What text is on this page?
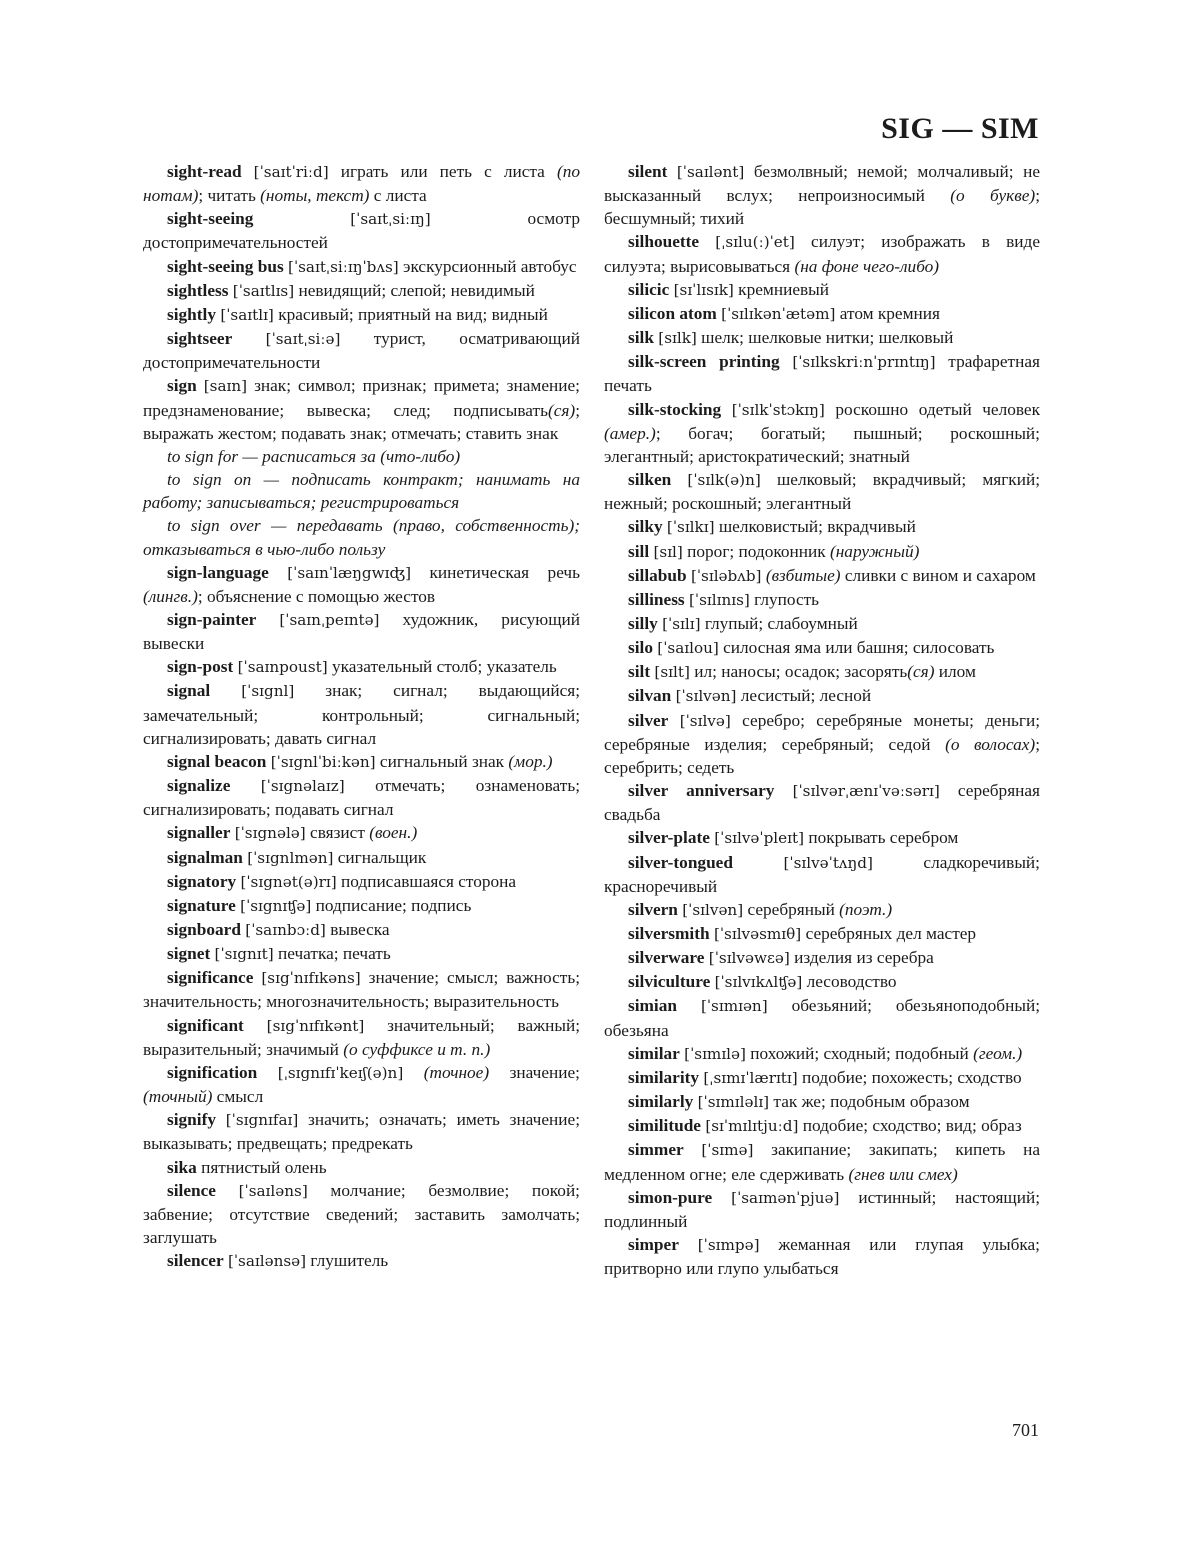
SIG — SIM

sight-read [ˈsaɪtˈriːd] играть или петь с листа (по нотам); читать (ноты, текст) с листа

sight-seeing	[ˈsaɪtˌsiːɪŋ] осмотр достопримечательностей

sight-seeing bus [ˈsaɪtˌsiːɪŋˈbʌs] экскурсионный автобус

sightless [ˈsaɪtlɪs] невидящий; слепой; невидимый

sightly [ˈsaɪtlɪ] красивый; приятный на вид; видный

sightseer [ˈsaɪtˌsiːə] турист, осматривающий достопримечательности

sign [saɪn] знак; символ; признак; примета; знамение; предзнаменование; вывеска; след; подписывать(ся); выражать жестом; подавать знак; отмечать; ставить знак

to sign for — расписаться за (что-либо)

to sign on — подписать контракт; нанимать на работу; записываться; регистрироваться

to sign over — передавать (право, собственность); отказываться в чью-либо пользу

sign-language [ˈsaɪnˈlæŋgwɪʤ] кинетическая речь (лингв.); объяснение с помощью жестов

sign-painter [ˈsaɪnˌpeɪntə] художник, рисующий вывески

sign-post [ˈsaɪnpoust] указательный столб; указатель

signal [ˈsɪgnl] знак; сигнал; выдающийся; замечательный; контрольный; сигнальный; сигнализировать; давать сигнал

signal beacon [ˈsɪgnlˈbiːkən] сигнальный знак (мор.)

signalize [ˈsɪgnəlaɪz] отмечать; ознаменовать; сигнализировать; подавать сигнал

signaller [ˈsɪgnələ] связист (воен.)

signalman [ˈsɪgnlmən] сигнальщик

signatory [ˈsɪgnət(ə)rɪ] подписавшаяся сторона

signature [ˈsɪgnɪʧə] подписание; подпись

signboard [ˈsaɪnbɔːd] вывеска

signet [ˈsɪgnɪt] печатка; печать

significance [sɪgˈnɪfɪkəns] значение; смысл; важность; значительность; многозначительность; выразительность

significant [sɪgˈnɪfɪkənt] значительный; важный; выразительный; значимый (о суффиксе и т. п.)

signification [ˌsɪgnɪfɪˈkeɪʃ(ə)n] (точное) значение; (точный) смысл

signify [ˈsɪgnɪfaɪ] значить; означать; иметь значение; выказывать; предвещать; предрекать

sika пятнистый олень

silence [ˈsaɪləns] молчание; безмолвие; покой; забвение; отсутствие сведений; заставить замолчать; заглушать

silencer [ˈsaɪlənsə] глушитель

silent [ˈsaɪlənt] безмолвный; немой; молчаливый; не высказанный вслух; непроизносимый (о букве); бесшумный; тихий

silhouette [ˌsɪlu(ː)ˈet] силуэт; изображать в виде силуэта; вырисовываться (на фоне чего-либо)

silicic [sɪˈlɪsɪk] кремниевый

silicon atom [ˈsɪlɪkənˈætəm] атом кремния

silk [sɪlk] шелк; шелковые нитки; шелковый

silk-screen printing [ˈsɪlkskriːnˈprɪntɪŋ] трафаретная печать

silk-stocking [ˈsɪlkˈstɔkɪŋ] роскошно одетый человек (амер.); богач; богатый; пышный; роскошный; элегантный; аристократический; знатный

silken [ˈsɪlk(ə)n] шелковый; вкрадчивый; мягкий; нежный; роскошный; элегантный

silky [ˈsɪlkɪ] шелковистый; вкрадчивый

sill [sɪl] порог; подоконник (наружный)

sillabub [ˈsɪləbʌb] (взбитые) сливки с вином и сахаром

silliness [ˈsɪlɪnɪs] глупость

silly [ˈsɪlɪ] глупый; слабоумный

silo [ˈsaɪlou] силосная яма или башня; силосовать

silt [sɪlt] ил; наносы; осадок; засорять(ся) илом

silvan [ˈsɪlvən] лесистый; лесной

silver [ˈsɪlvə] серебро; серебряные монеты; деньги; серебряные изделия; серебряный; седой (о волосах); серебрить; седеть

silver anniversary [ˈsɪlvərˌænɪˈvəːsərɪ] серебряная свадьба

silver-plate [ˈsɪlvəˈpleɪt] покрывать серебром

silver-tongued	[ˈsɪlvəˈtʌŋd] сладкоречивый; красноречивый

silvern [ˈsɪlvən] серебряный (поэт.)

silversmith [ˈsɪlvəsmɪθ] серебряных дел мастер

silverware [ˈsɪlvəwɛə] изделия из серебра

silviculture [ˈsɪlvɪkʌlʧə] лесоводство

simian [ˈsɪmɪən] обезьяний; обезьяноподобный; обезьяна

similar [ˈsɪmɪlə] похожий; сходный; подобный (геом.)

similarity [ˌsɪmɪˈlærɪtɪ] подобие; похожесть; сходство

similarly [ˈsɪmɪləlɪ] так же; подобным образом

similitude [sɪˈmɪlɪtjuːd] подобие; сходство; вид; образ

simmer [ˈsɪmə] закипание; закипать; кипеть на медленном огне; еле сдерживать (гнев или смех)

simon-pure [ˈsaɪmənˈpjuə] истинный; настоящий; подлинный

simper [ˈsɪmpə] жеманная или глупая улыбка; притворно или глупо улыбаться

701
